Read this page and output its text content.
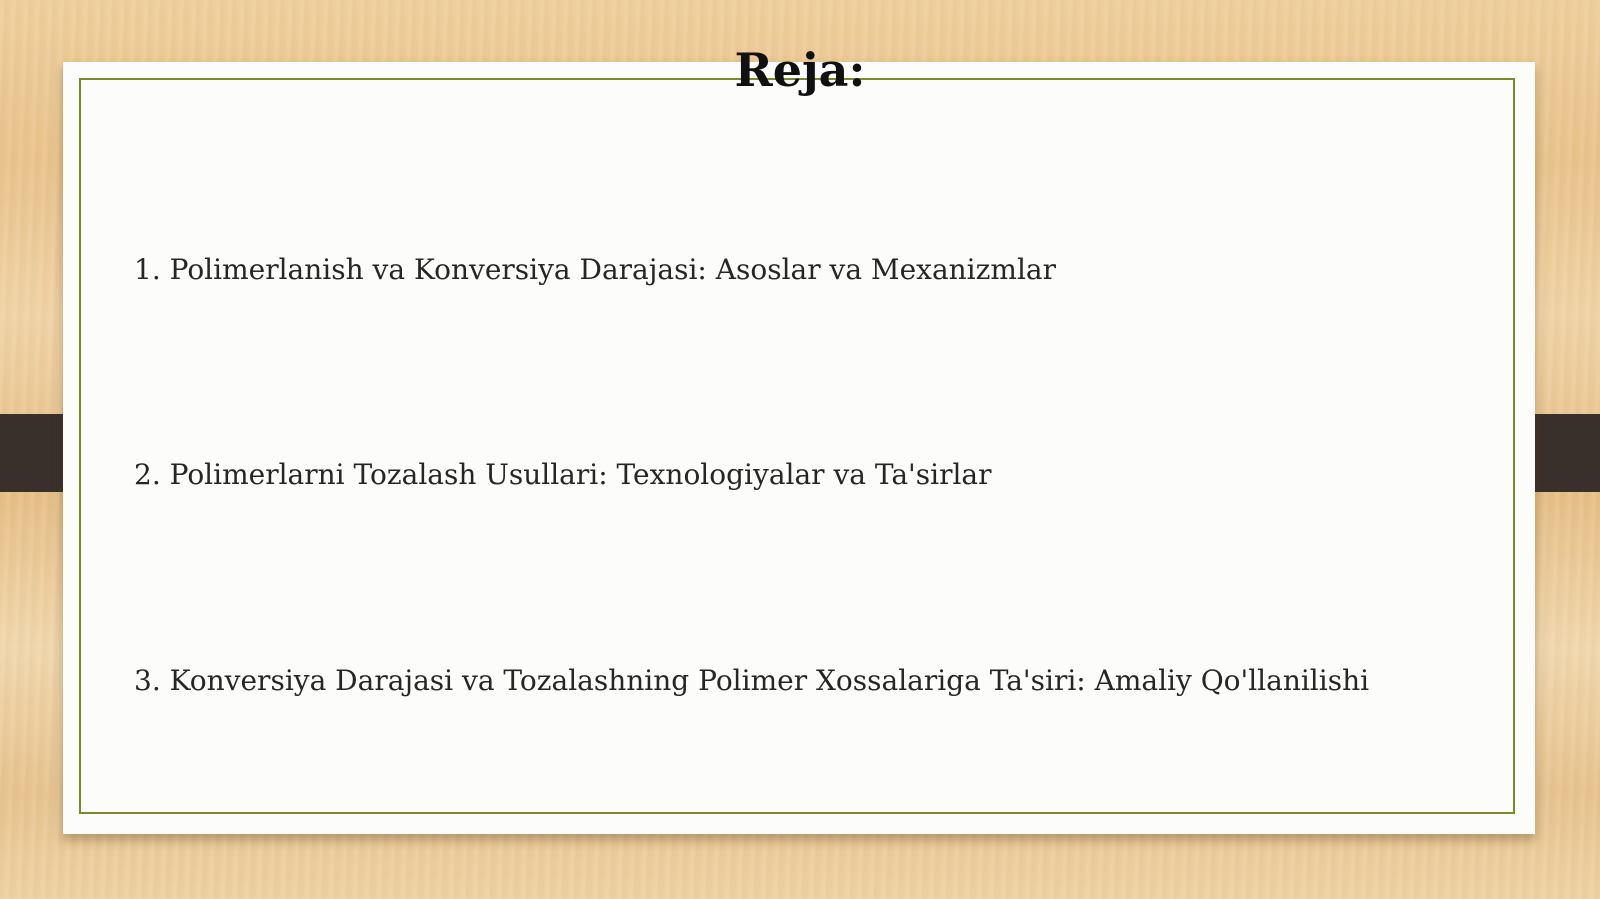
Reja:
1. Polimerlanish va Konversiya Darajasi: Asoslar va Mexanizmlar
2. Polimerlarni Tozalash Usullari: Texnologiyalar va Ta'sirlar
3. Konversiya Darajasi va Tozalashning Polimer Xossalariga Ta'siri: Amaliy Qo'llanilishi
